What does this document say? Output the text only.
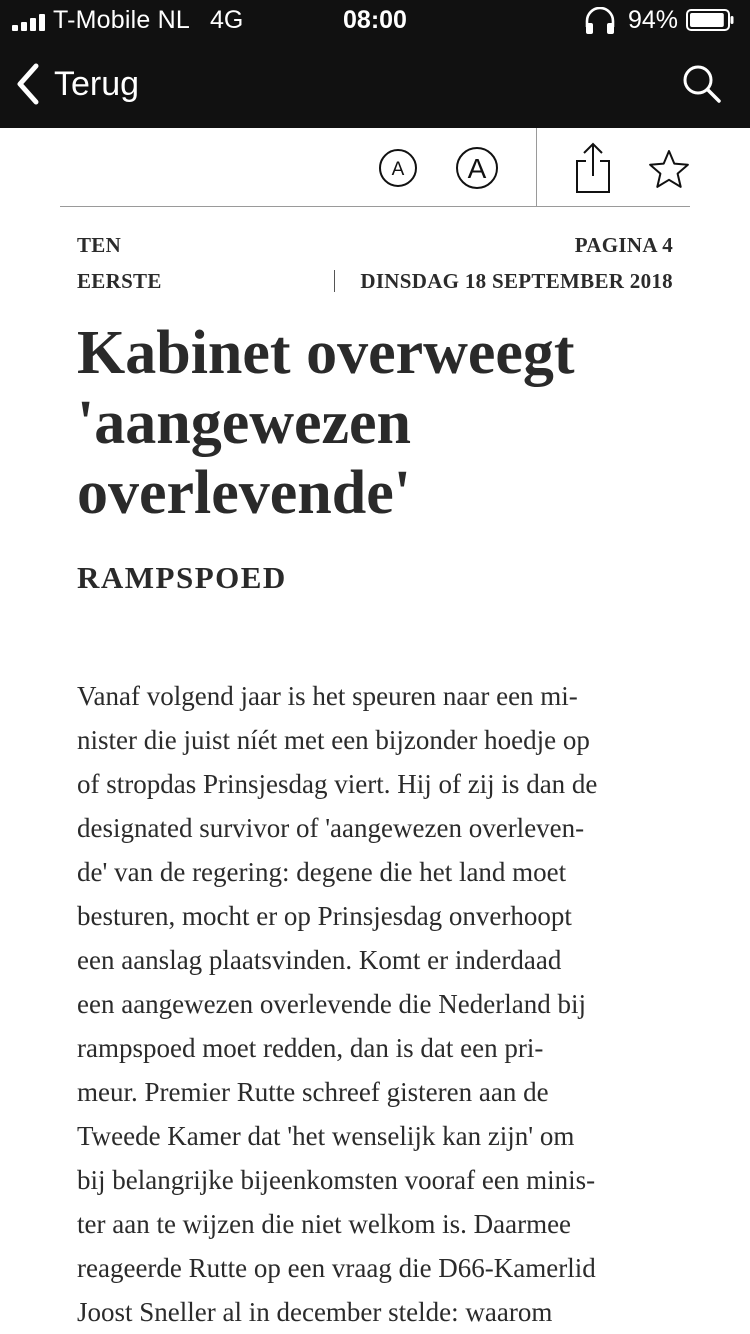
T-Mobile NL 4G	08:00	94%
Terug
A A
TEN
EERSTE
PAGINA 4
DINSDAG 18 SEPTEMBER 2018
Kabinet overweegt
'aangewezen
overlevende'
RAMPSPOED
Vanaf volgend jaar is het speuren naar een mi-
nister die juist níét met een bijzonder hoedje op
of stropdas Prinsjesdag viert. Hij of zij is dan de
designated survivor of 'aangewezen overleven-
de' van de regering: degene die het land moet
besturen, mocht er op Prinsjesdag onverhoopt
een aanslag plaatsvinden. Komt er inderdaad
een aangewezen overlevende die Nederland bij
rampspoed moet redden, dan is dat een pri-
meur. Premier Rutte schreef gisteren aan de
Tweede Kamer dat 'het wenselijk kan zijn' om
bij belangrijke bijeenkomsten vooraf een minis-
ter aan te wijzen die niet welkom is. Daarmee
reageerde Rutte op een vraag die D66-Kamerlid
Joost Sneller al in december stelde: waarom
